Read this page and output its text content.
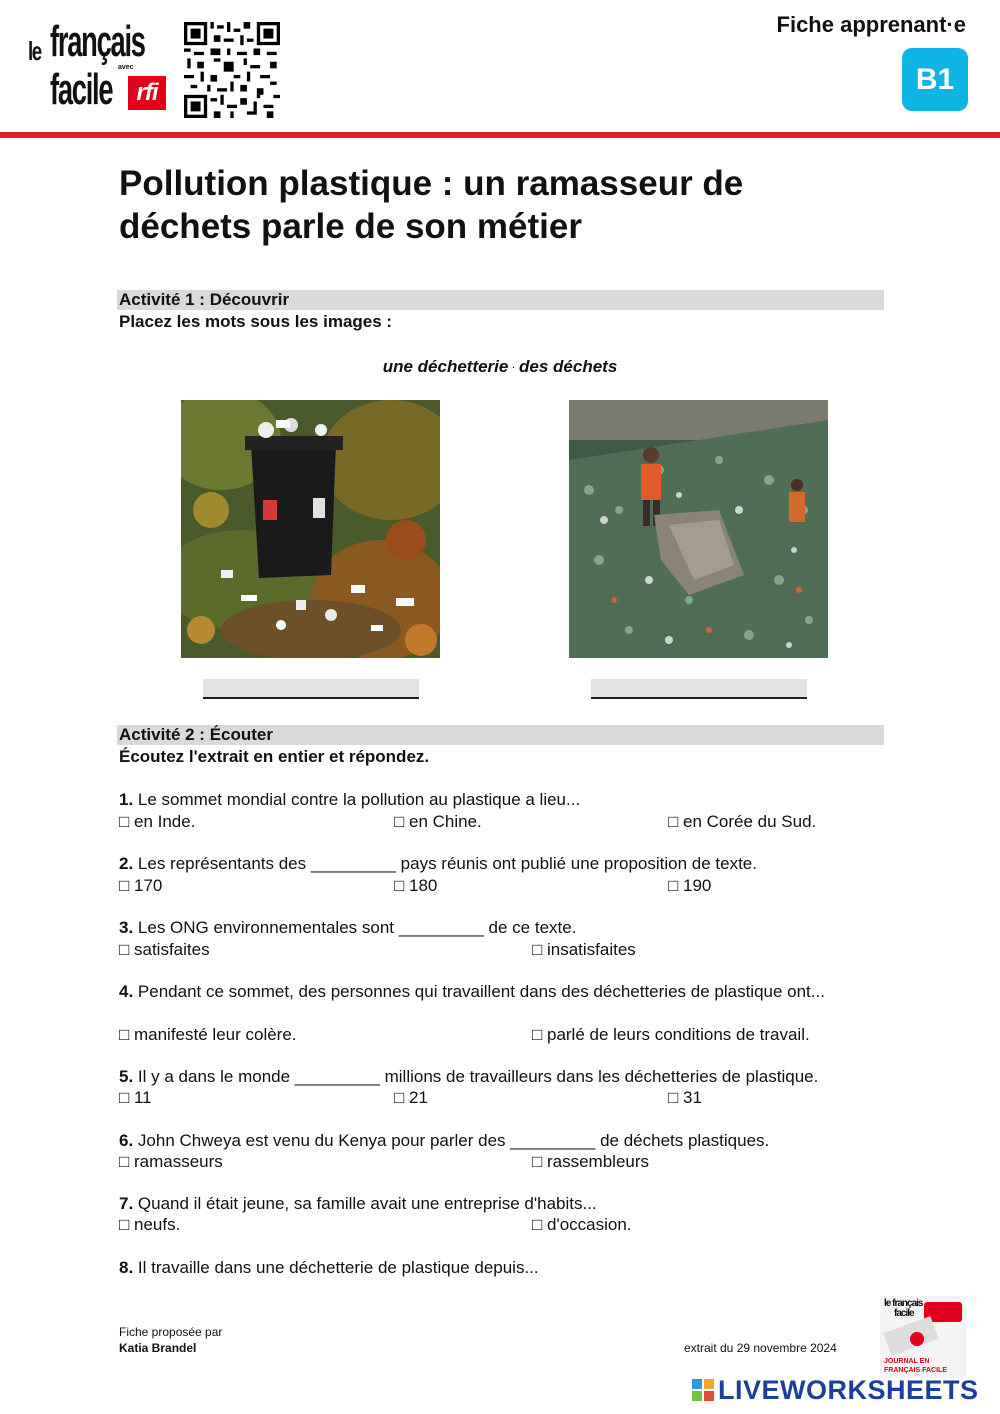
le français
facile avec
rfi
Fiche apprenant·e
B1
Pollution plastique : un ramasseur de déchets parle de son métier
Activité 1 : Découvrir
Placez les mots sous les images :
une déchetterie · des déchets
Activité 2 : Écouter
Écoutez l'extrait en entier et répondez.
1. Le sommet mondial contre la pollution au plastique a lieu...
□ en Inde.	□ en Chine.	□ en Corée du Sud.
2. Les représentants des _________ pays réunis ont publié une proposition de texte.
□ 170	□ 180	□ 190
3. Les ONG environnementales sont _________ de ce texte.
□ satisfaites	□ insatisfaites
4. Pendant ce sommet, des personnes qui travaillent dans des déchetteries de plastique ont...
□ manifesté leur colère.	□ parlé de leurs conditions de travail.
5. Il y a dans le monde _________ millions de travailleurs dans les déchetteries de plastique.
□ 11	□ 21	□ 31
6. John Chweya est venu du Kenya pour parler des _________ de déchets plastiques.
□ ramasseurs	□ rassembleurs
7. Quand il était jeune, sa famille avait une entreprise d'habits...
□ neufs.	□ d'occasion.
8. Il travaille dans une déchetterie de plastique depuis...
Fiche proposée par
Katia Brandel	extrait du 29 novembre 2024
le français
facile
JOURNAL EN
FRANÇAIS FACILE
LIVEWORKSHEETS
